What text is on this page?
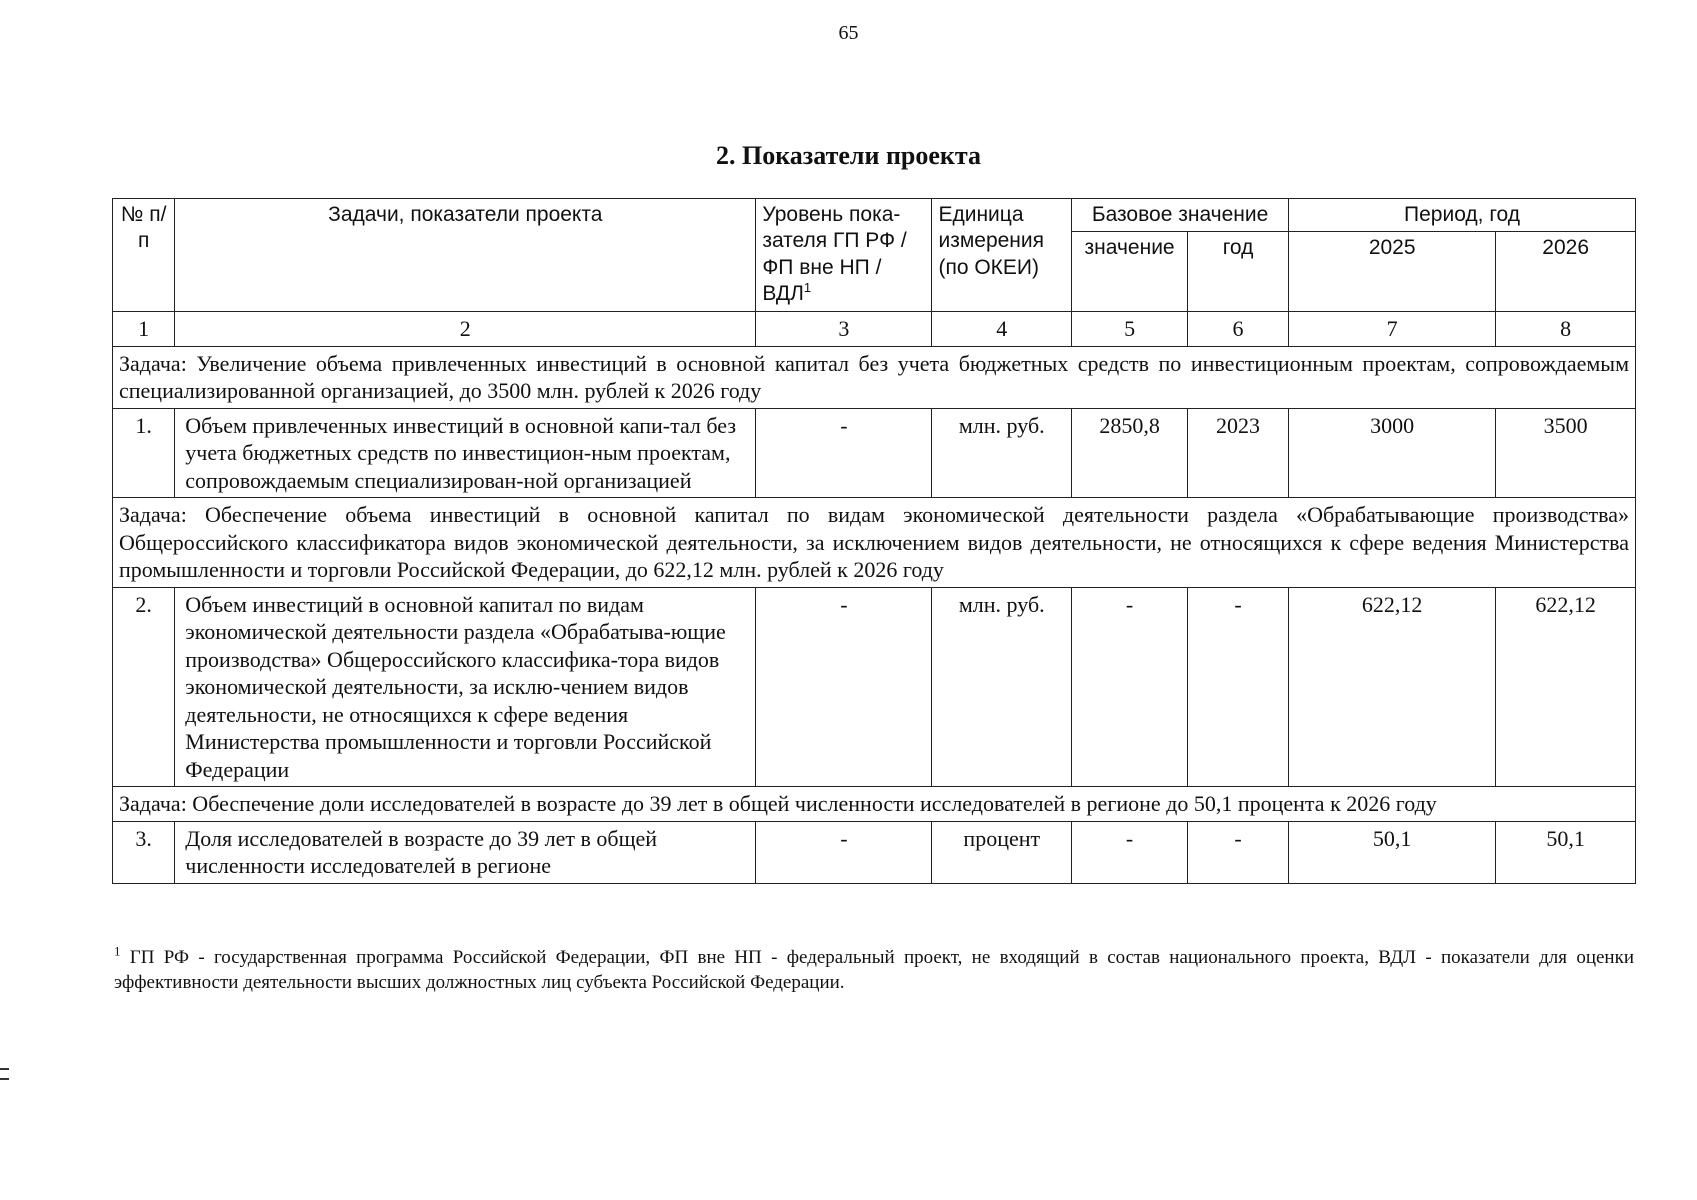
65
2. Показатели проекта
№ п/п	Задачи, показатели проекта	Уровень пока-зателя ГП РФ / ФП вне НП / ВДЛ$^1$	Единица измерения (по ОКЕИ)	Базовое значение		Период, год	
				значение	год	2025	2026
1	2	3	4	5	6	7	8
Задача: Увеличение объема привлеченных инвестиций в основной капитал без учета бюджетных средств по инвестиционным проектам, сопровождаемым специализированной организацией, до 3500 млн. рублей к 2026 году							
1.	Объем привлеченных инвестиций в основной капи-тал без учета бюджетных средств по инвестицион-ным проектам, сопровождаемым специализирован-ной организацией	-	млн. руб.	2850,8	2023	3000	3500
Задача: Обеспечение объема инвестиций в основной капитал по видам экономической деятельности раздела «Обрабатывающие производства» Общероссийского классификатора видов экономической деятельности, за исключением видов деятельности, не относящихся к сфере ведения Министерства промышленности и торговли Российской Федерации, до 622,12 млн. рублей к 2026 году							
2.	Объем инвестиций в основной капитал по видам экономической деятельности раздела «Обрабатыва-ющие производства» Общероссийского классифика-тора видов экономической деятельности, за исклю-чением видов деятельности, не относящихся к сфере ведения Министерства промышленности и торговли Российской Федерации	-	млн. руб.	-	-	622,12	622,12
Задача: Обеспечение доли исследователей в возрасте до 39 лет в общей численности исследователей в регионе до 50,1 процента к 2026 году							
3.	Доля исследователей в возрасте до 39 лет в общей численности исследователей в регионе	-	процент	-	-	50,1	50,1
$^1$ ГП РФ - государственная программа Российской Федерации, ФП вне НП - федеральный проект, не входящий в состав национального проекта, ВДЛ - показатели для оценки эффективности деятельности высших должностных лиц субъекта Российской Федерации.
